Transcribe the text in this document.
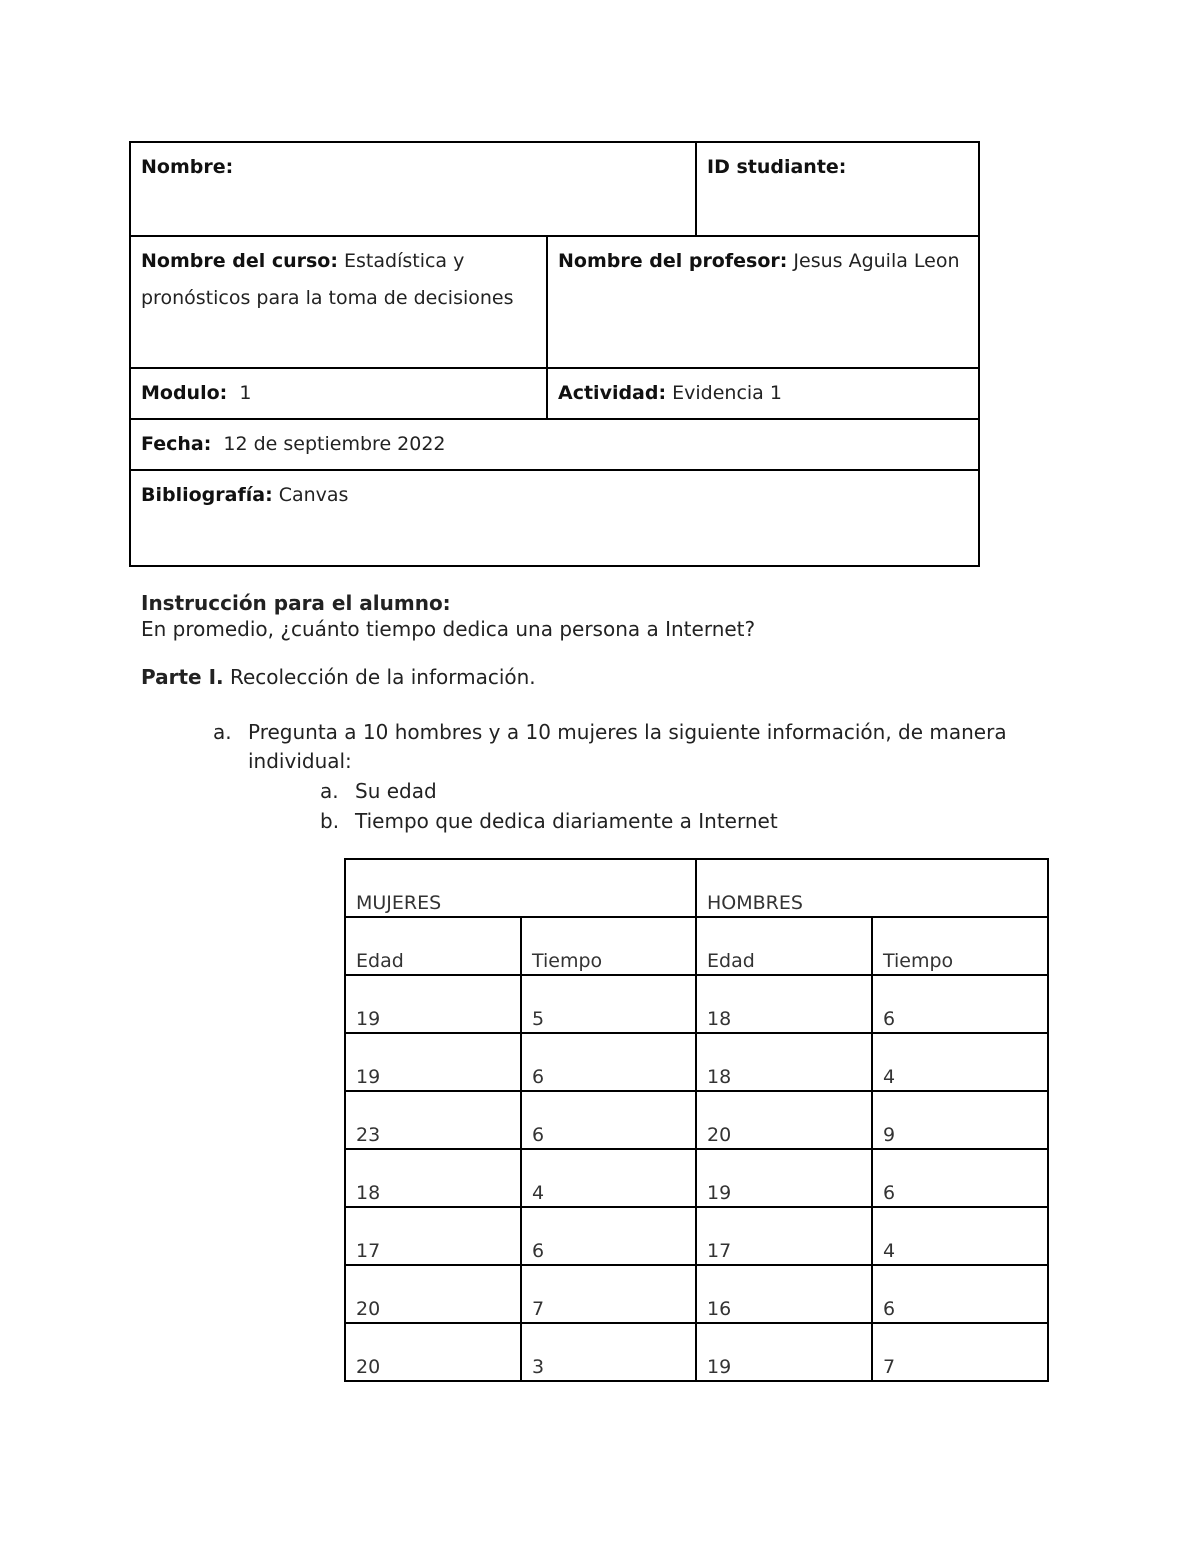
Nombre:		ID studiante:
Nombre del curso: Estadística y pronósticos para la toma de decisiones	Nombre del profesor: Jesus Aguila Leon	
Modulo: 1	Actividad: Evidencia 1	
Fecha: 12 de septiembre 2022		
Bibliografía: Canvas		
Instrucción para el alumno:
En promedio, ¿cuánto tiempo dedica una persona a Internet?
Parte I. Recolección de la información.
a. Pregunta a 10 hombres y a 10 mujeres la siguiente información, de manera
individual:
a. Su edad
b. Tiempo que dedica diariamente a Internet
MUJERES		HOMBRES	
Edad	Tiempo	Edad	Tiempo
19	5	18	6
19	6	18	4
23	6	20	9
18	4	19	6
17	6	17	4
20	7	16	6
20	3	19	7
